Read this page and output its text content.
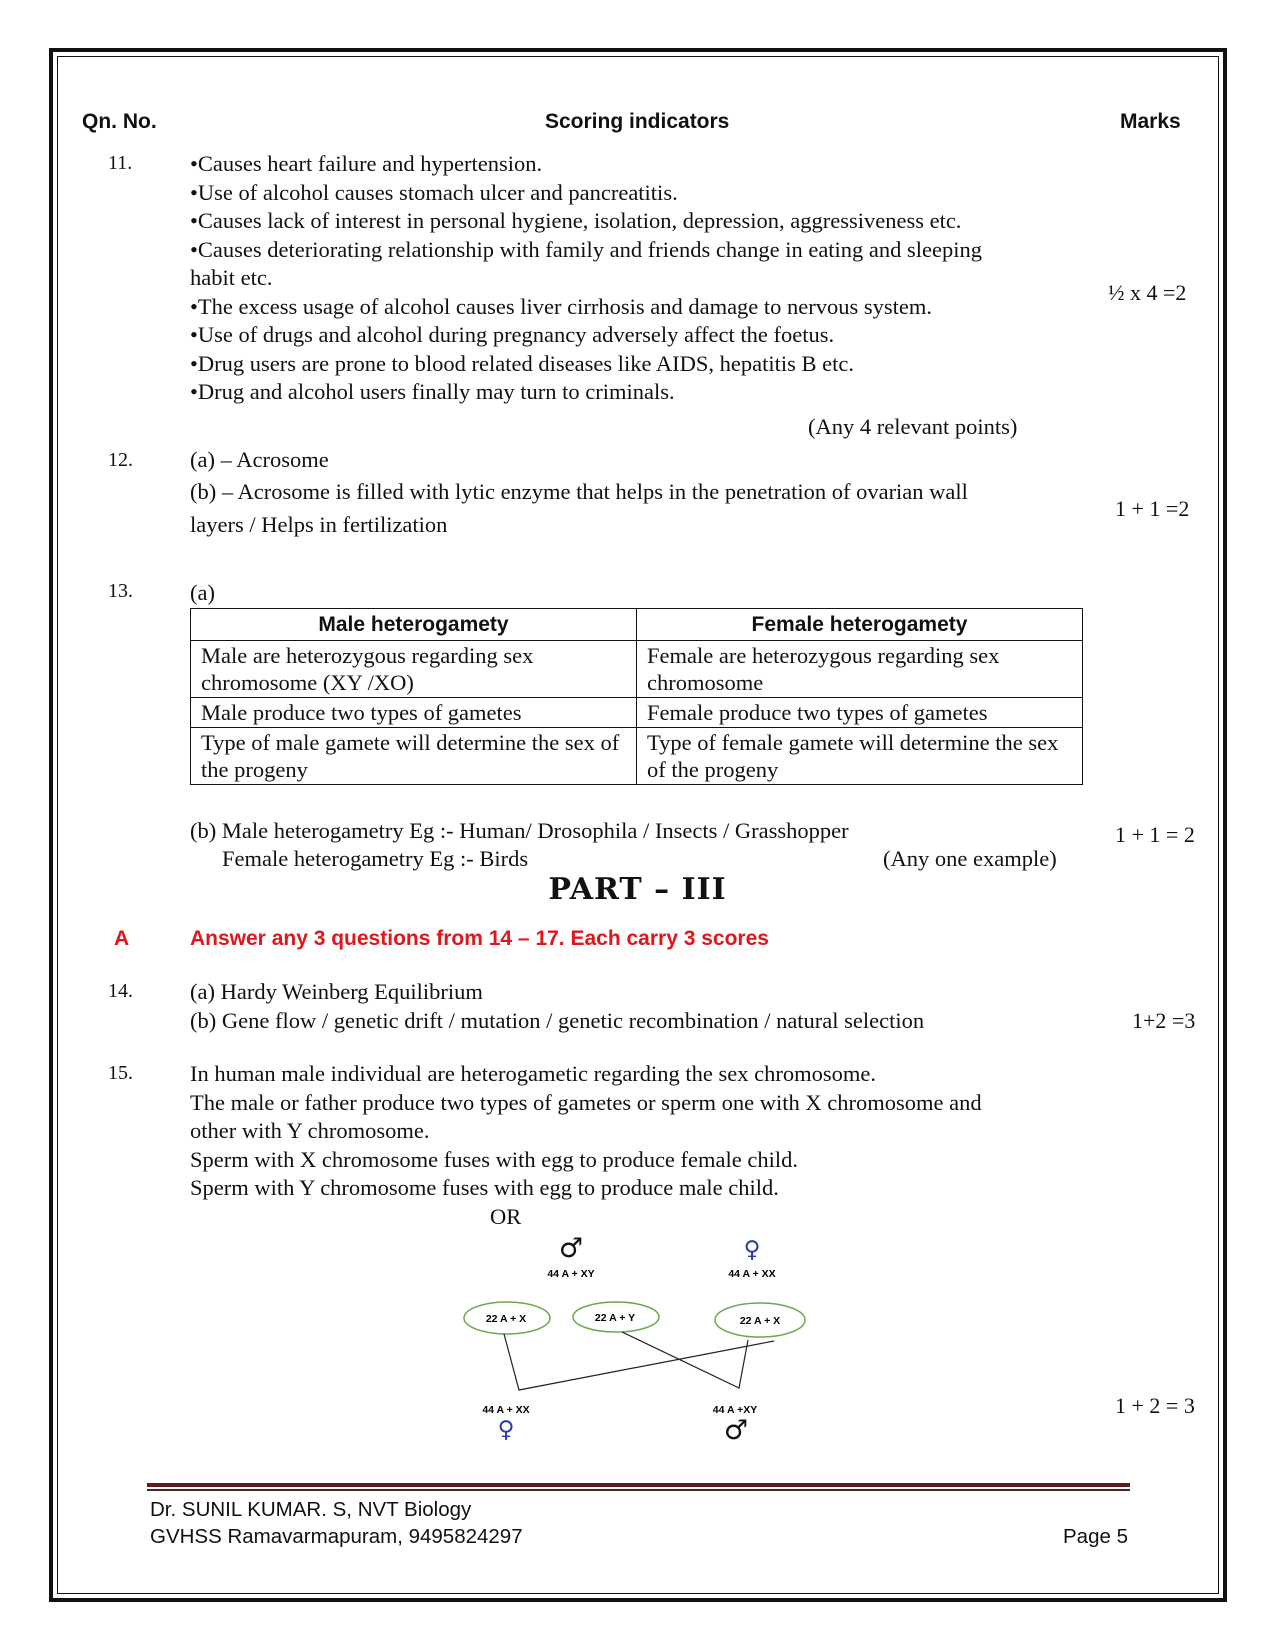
Qn. No.	Scoring indicators	Marks
11.	•Causes heart failure and hypertension.
•Use of alcohol causes stomach ulcer and pancreatitis.
•Causes lack of interest in personal hygiene, isolation, depression, aggressiveness etc.
•Causes deteriorating relationship with family and friends change in eating and sleeping
habit etc.
•The excess usage of alcohol causes liver cirrhosis and damage to nervous system.
•Use of drugs and alcohol during pregnancy adversely affect the foetus.
•Drug users are prone to blood related diseases like AIDS, hepatitis B etc.
•Drug and alcohol users finally may turn to criminals.
(Any 4 relevant points)
½ x 4 =2
12.	(a) – Acrosome
(b) – Acrosome is filled with lytic enzyme that helps in the penetration of ovarian wall
layers / Helps in fertilization
1 + 1 =2
13.	(a)
Male heterogamety	Female heterogamety
Male are heterozygous regarding sex chromosome (XY /XO)	Female are heterozygous regarding sex chromosome
Male produce two types of gametes	Female produce two types of gametes
Type of male gamete will determine the sex of the progeny	Type of female gamete will determine the sex of the progeny
(b) Male heterogametry Eg :- Human/ Drosophila / Insects / Grasshopper
Female heterogametry Eg :- Birds	(Any one example)
1 + 1 = 2
PART – III
A	Answer any 3 questions from 14 – 17. Each carry 3 scores
14.	(a) Hardy Weinberg Equilibrium
(b) Gene flow / genetic drift / mutation / genetic recombination / natural selection	1+2 =3
15.	In human male individual are heterogametic regarding the sex chromosome.
The male or father produce two types of gametes or sperm one with X chromosome and
other with Y chromosome.
Sperm with X chromosome fuses with egg to produce female child.
Sperm with Y chromosome fuses with egg to produce male child.
OR
1 + 2 = 3
♂	♀
44 A + XY	44 A + XX
22 A + X	22 A + Y	22 A + X
44 A + XX	44 A +XY
♀	♂
Dr. SUNIL KUMAR. S, NVT Biology
GVHSS Ramavarmapuram, 9495824297	Page 5
